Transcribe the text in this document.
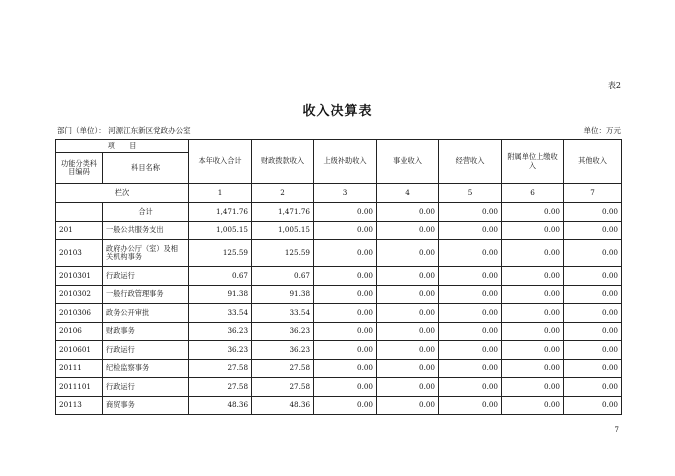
表2
收入决算表
部门（单位）： 河源江东新区党政办公室	单位：万元
项　　目		本年收入合计	财政拨款收入	上级补助收入	事业收入	经营收入	附属单位上缴收入	其他收入
功能分类科目编码	科目名称							
栏次		1	2	3	4	5	6	7
	合计	1,471.76	1,471.76	0.00	0.00	0.00	0.00	0.00
201	一般公共服务支出	1,005.15	1,005.15	0.00	0.00	0.00	0.00	0.00
20103	政府办公厅（室）及相关机构事务	125.59	125.59	0.00	0.00	0.00	0.00	0.00
2010301	行政运行	0.67	0.67	0.00	0.00	0.00	0.00	0.00
2010302	一般行政管理事务	91.38	91.38	0.00	0.00	0.00	0.00	0.00
2010306	政务公开审批	33.54	33.54	0.00	0.00	0.00	0.00	0.00
20106	财政事务	36.23	36.23	0.00	0.00	0.00	0.00	0.00
2010601	行政运行	36.23	36.23	0.00	0.00	0.00	0.00	0.00
20111	纪检监察事务	27.58	27.58	0.00	0.00	0.00	0.00	0.00
2011101	行政运行	27.58	27.58	0.00	0.00	0.00	0.00	0.00
20113	商贸事务	48.36	48.36	0.00	0.00	0.00	0.00	0.00
7
